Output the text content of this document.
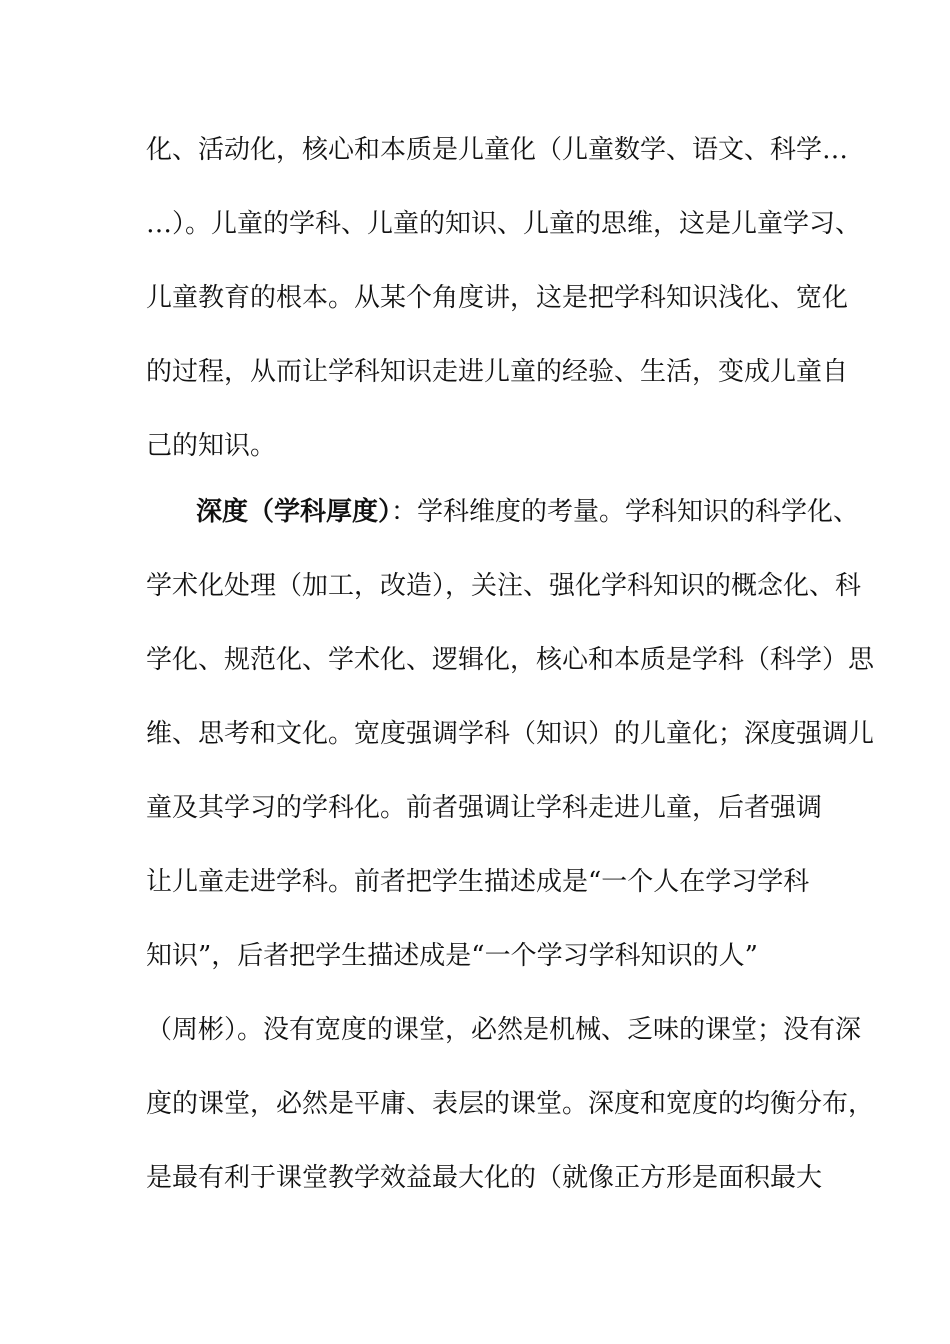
化、活动化，核心和本质是儿童化（儿童数学、语文、科学…
…）。儿童的学科、儿童的知识、儿童的思维，这是儿童学习、
儿童教育的根本。从某个角度讲，这是把学科知识浅化、宽化
的过程，从而让学科知识走进儿童的经验、生活，变成儿童自
己的知识。
深度（学科厚度）：学科维度的考量。学科知识的科学化、
学术化处理（加工，改造），关注、强化学科知识的概念化、科
学化、规范化、学术化、逻辑化，核心和本质是学科（科学）思
维、思考和文化。宽度强调学科（知识）的儿童化；深度强调儿
童及其学习的学科化。前者强调让学科走进儿童，后者强调
让儿童走进学科。前者把学生描述成是“一个人在学习学科
知识”，后者把学生描述成是“一个学习学科知识的人”
（周彬）。没有宽度的课堂，必然是机械、乏味的课堂；没有深
度的课堂，必然是平庸、表层的课堂。深度和宽度的均衡分布，
是最有利于课堂教学效益最大化的（就像正方形是面积最大
